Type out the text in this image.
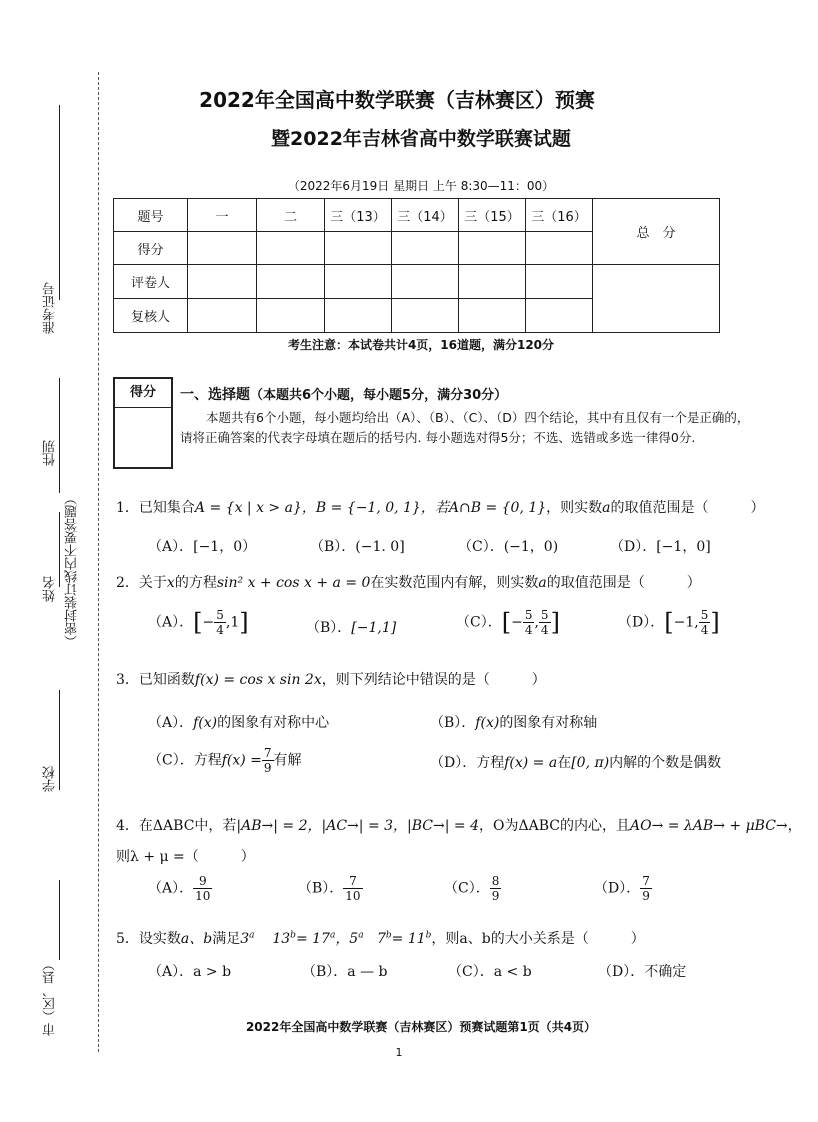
准考证号
性别
姓名 （密封装订线内不要答题）
学校
市（区、县）
2022年全国高中数学联赛（吉林赛区）预赛
暨2022年吉林省高中数学联赛试题
（2022年6月19日 星期日 上午 8:30—11：00）
题号	一	二	三（13）	三（14）	三（15）	三（16）	总　分
得分							
评卷人							
复核人							
考生注意：本试卷共计4页，16道题，满分120分
得分	一、选择题（本题共6个小题，每小题5分，满分30分）
本题共有6个小题，每小题均给出（A）、（B）、（C）、（D）四个结论，其中有且仅有一个是正确的，请将正确答案的代表字母填在题后的括号内. 每小题选对得5分；不选、选错或多选一律得0分.
1．已知集合A = {x | x > a}，B = {−1, 0, 1}，若A∩B = {0, 1}，则实数a的取值范围是（　　　）
（A）．[−1，0）	（B）．(−1. 0]	（C）．(−1，0)	（D）．[−1，0]
2．关于x的方程sin² x + cos x + a = 0在实数范围内有解，则实数a的取值范围是（　　　）
（A）．[− $\frac{5}{4} ,1$]	（B）．[−1,1]	（C）．[− $\frac{5}{4}$ , $\frac{5}{4}$ ]	（D）．[−1, $\frac{5}{4}$ ]
3．已知函数f(x) = cos x sin 2x，则下列结论中错误的是（　　　）
（A）．f(x)的图象有对称中心	（B）．f(x)的图象有对称轴
（C）．方程$f(x) = \frac{7}{9}$ 有解	（D）．方程f(x) = a在[0, π)内解的个数是偶数
4．在ΔABC中，若|AB→| = 2，|AC→| = 3，|BC→| = 4，O为ΔABC的内心，且AO→ = λAB→ + μBC→，
则λ + μ =（　　　）
（A）． $\frac{9}{10}$	（B）． $\frac{7}{10}$	（C）． $\frac{8}{9}$	（D）． $\frac{7}{9}$
5．设实数a、b满足3$^a$ $13^b= 17^a$，5$^a$ $7^b= 11^b$，则a、b的大小关系是（　　　）
（A）．a > b	（B）．a — b	（C）．a < b	（D）．不确定
2022年全国高中数学联赛（吉林赛区）预赛试题第1页（共4页）
1
